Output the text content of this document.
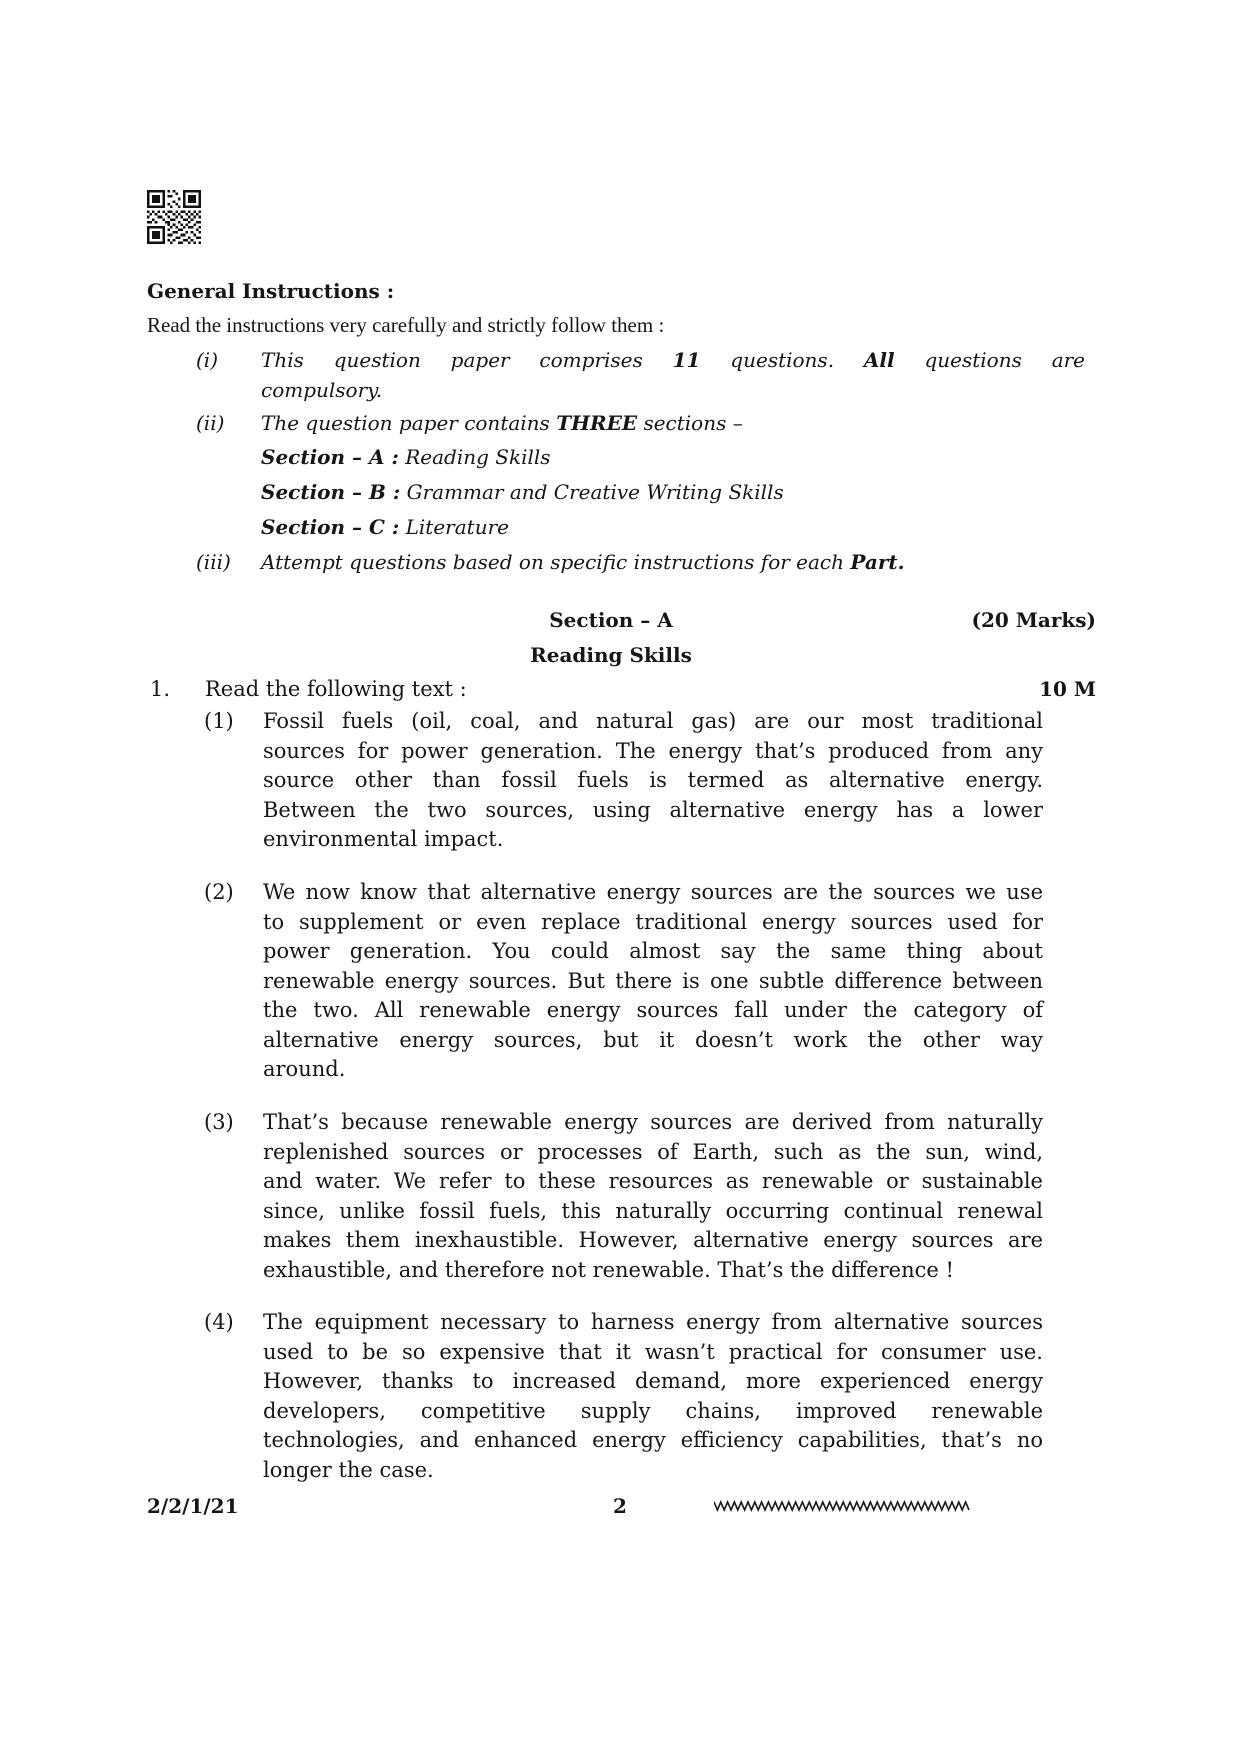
General Instructions :
Read the instructions very carefully and strictly follow them :
(i) This question paper comprises 11 questions. All questions are
compulsory.
(ii) The question paper contains THREE sections –
Section – A : Reading Skills
Section – B : Grammar and Creative Writing Skills
Section – C : Literature
(iii) Attempt questions based on specific instructions for each Part.
Section – A	(20 Marks)
Reading Skills
1. Read the following text :	10 M
(1) Fossil fuels (oil, coal, and natural gas) are our most traditional
sources for power generation. The energy that’s produced from any
source other than fossil fuels is termed as alternative energy.
Between the two sources, using alternative energy has a lower
environmental impact.
(2) We now know that alternative energy sources are the sources we use
to supplement or even replace traditional energy sources used for
power generation. You could almost say the same thing about
renewable energy sources. But there is one subtle difference between
the two. All renewable energy sources fall under the category of
alternative energy sources, but it doesn’t work the other way
around.
(3) That’s because renewable energy sources are derived from naturally
replenished sources or processes of Earth, such as the sun, wind,
and water. We refer to these resources as renewable or sustainable
since, unlike fossil fuels, this naturally occurring continual renewal
makes them inexhaustible. However, alternative energy sources are
exhaustible, and therefore not renewable. That’s the difference !
(4) The equipment necessary to harness energy from alternative sources
used to be so expensive that it wasn’t practical for consumer use.
However, thanks to increased demand, more experienced energy
developers, competitive supply chains, improved renewable
technologies, and enhanced energy efficiency capabilities, that’s no
longer the case.
2/2/1/21	2
